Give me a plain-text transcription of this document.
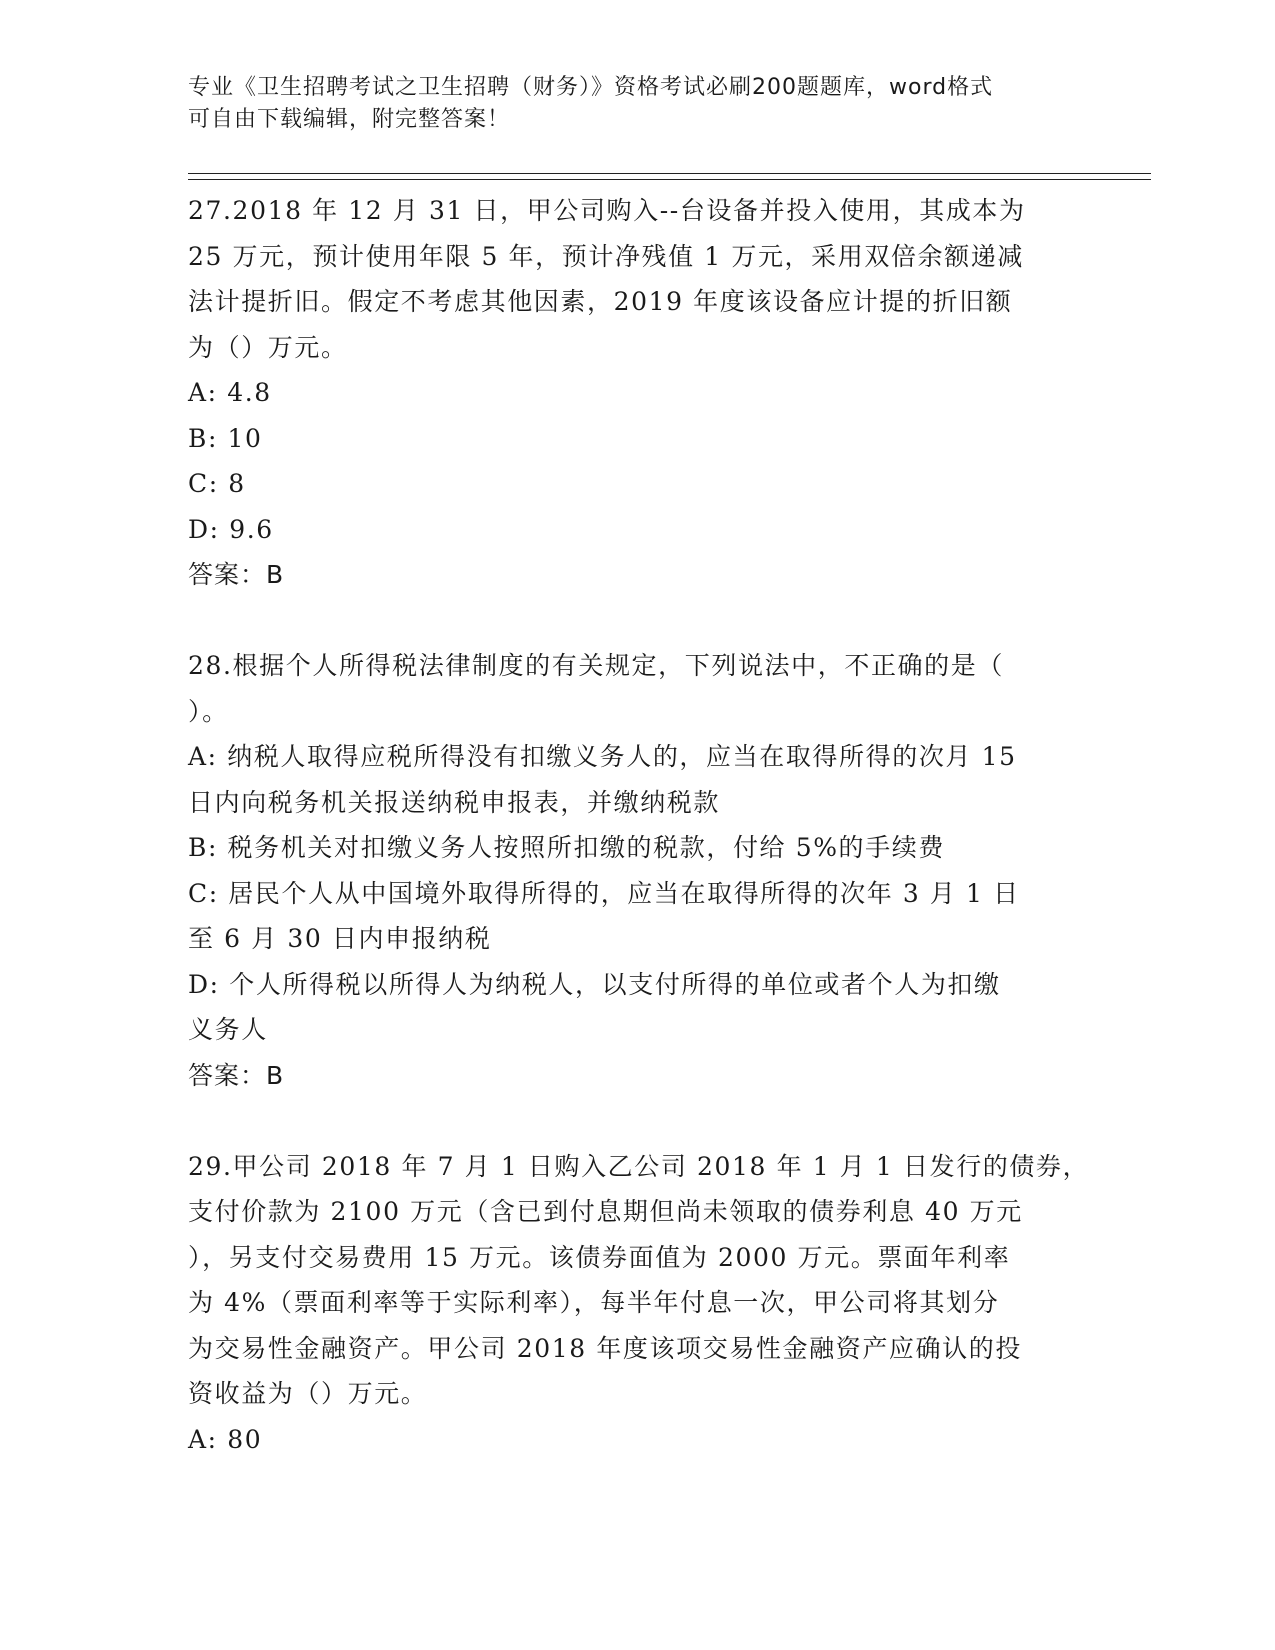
专业《卫生招聘考试之卫生招聘（财务）》资格考试必刷200题题库，word格式
可自由下载编辑，附完整答案！
27.2018 年 12 月 31 日，甲公司购入--台设备并投入使用，其成本为
25 万元，预计使用年限 5 年，预计净残值 1 万元，采用双倍余额递减
法计提折旧。假定不考虑其他因素，2019 年度该设备应计提的折旧额
为（）万元。
A: 4.8
B: 10
C: 8
D: 9.6
答案：B
28.根据个人所得税法律制度的有关规定，下列说法中，不正确的是（
）。
A: 纳税人取得应税所得没有扣缴义务人的，应当在取得所得的次月 15
日内向税务机关报送纳税申报表，并缴纳税款
B: 税务机关对扣缴义务人按照所扣缴的税款，付给 5%的手续费
C: 居民个人从中国境外取得所得的，应当在取得所得的次年 3 月 1 日
至 6 月 30 日内申报纳税
D: 个人所得税以所得人为纳税人，以支付所得的单位或者个人为扣缴
义务人
答案：B
29.甲公司 2018 年 7 月 1 日购入乙公司 2018 年 1 月 1 日发行的债券，
支付价款为 2100 万元（含已到付息期但尚未领取的债券利息 40 万元
），另支付交易费用 15 万元。该债券面值为 2000 万元。票面年利率
为 4%（票面利率等于实际利率），每半年付息一次，甲公司将其划分
为交易性金融资产。甲公司 2018 年度该项交易性金融资产应确认的投
资收益为（）万元。
A: 80
